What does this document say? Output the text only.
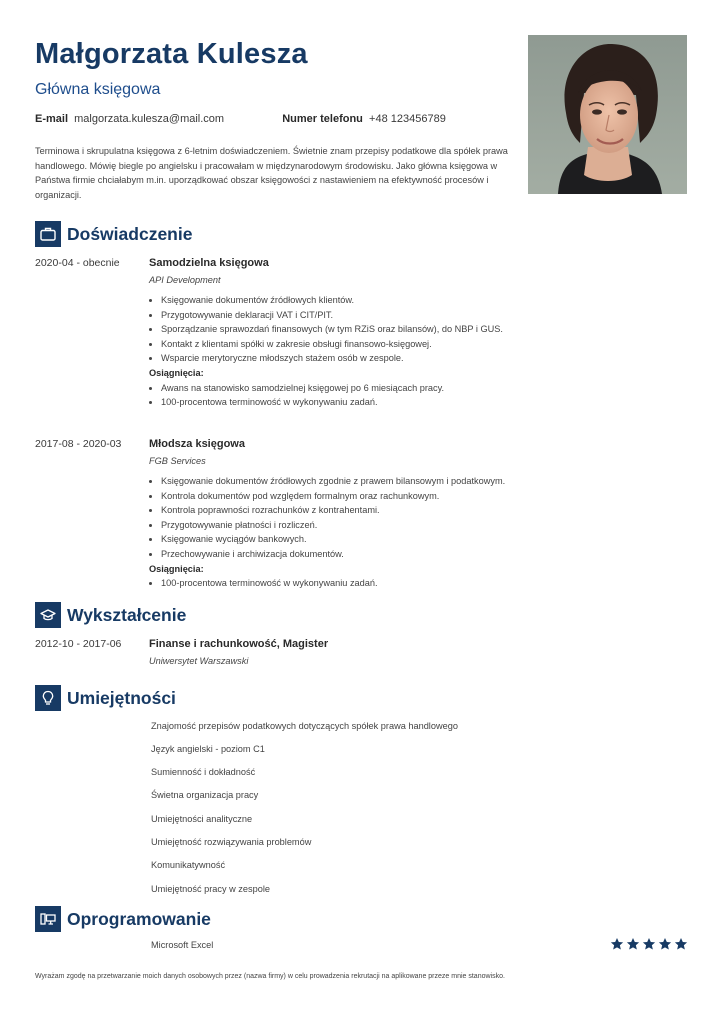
Małgorzata Kulesza
Główna księgowa
E-mail malgorzata.kulesza@mail.com	Numer telefonu +48 123456789
Terminowa i skrupulatna księgowa z 6-letnim doświadczeniem. Świetnie znam przepisy podatkowe dla spółek prawa handlowego. Mówię biegle po angielsku i pracowałam w międzynarodowym środowisku. Jako główna księgowa w Państwa firmie chciałabym m.in. uporządkować obszar księgowości z nastawieniem na efektywność procesów i organizacji.
Doświadczenie
2020-04 - obecnie	Samodzielna księgowa
API Development
• Księgowanie dokumentów źródłowych klientów.
• Przygotowywanie deklaracji VAT i CIT/PIT.
• Sporządzanie sprawozdań finansowych (w tym RZiS oraz bilansów), do NBP i GUS.
• Kontakt z klientami spółki w zakresie obsługi finansowo-księgowej.
• Wsparcie merytoryczne młodszych stażem osób w zespole.
Osiągnięcia:
• Awans na stanowisko samodzielnej księgowej po 6 miesiącach pracy.
• 100-procentowa terminowość w wykonywaniu zadań.
2017-08 - 2020-03	Młodsza księgowa
FGB Services
• Księgowanie dokumentów źródłowych zgodnie z prawem bilansowym i podatkowym.
• Kontrola dokumentów pod względem formalnym oraz rachunkowym.
• Kontrola poprawności rozrachunków z kontrahentami.
• Przygotowywanie płatności i rozliczeń.
• Księgowanie wyciągów bankowych.
• Przechowywanie i archiwizacja dokumentów.
Osiągnięcia:
• 100-procentowa terminowość w wykonywaniu zadań.
Wykształcenie
2012-10 - 2017-06	Finanse i rachunkowość, Magister
Uniwersytet Warszawski
Umiejętności
Znajomość przepisów podatkowych dotyczących spółek prawa handlowego
Język angielski - poziom C1
Sumienność i dokładność
Świetna organizacja pracy
Umiejętności analityczne
Umiejętność rozwiązywania problemów
Komunikatywność
Umiejętność pracy w zespole
Oprogramowanie
Microsoft Excel
Wyrażam zgodę na przetwarzanie moich danych osobowych przez (nazwa firmy) w celu prowadzenia rekrutacji na aplikowane przeze mnie stanowisko.
